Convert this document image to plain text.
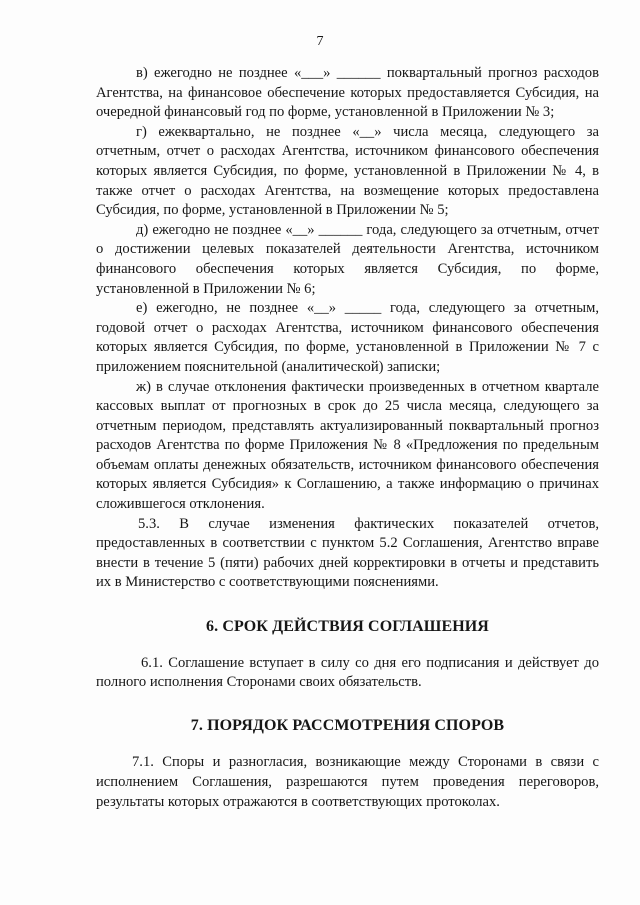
7

в) ежегодно не позднее «___» ______ поквартальный прогноз расходов Агентства, на финансовое обеспечение которых предоставляется Субсидия, на очередной финансовый год по форме, установленной в Приложении № 3;

г) ежеквартально, не позднее «__» числа месяца, следующего за отчетным, отчет о расходах Агентства, источником финансового обеспечения которых является Субсидия, по форме, установленной в Приложении № 4, в также отчет о расходах Агентства, на возмещение которых предоставлена Субсидия, по форме, установленной в Приложении № 5;

д) ежегодно не позднее «__» ______ года, следующего за отчетным, отчет о достижении целевых показателей деятельности Агентства, источником финансового обеспечения которых является Субсидия, по форме, установленной в Приложении № 6;

е) ежегодно, не позднее «__» _____ года, следующего за отчетным, годовой отчет о расходах Агентства, источником финансового обеспечения которых является Субсидия, по форме, установленной в Приложении № 7 с приложением пояснительной (аналитической) записки;

ж) в случае отклонения фактически произведенных в отчетном квартале кассовых выплат от прогнозных в срок до 25 числа месяца, следующего за отчетным периодом, представлять актуализированный поквартальный прогноз расходов Агентства по форме Приложения № 8 «Предложения по предельным объемам оплаты денежных обязательств, источником финансового обеспечения которых является Субсидия» к Соглашению, а также информацию о причинах сложившегося отклонения.

5.3. В случае изменения фактических показателей отчетов, предоставленных в соответствии с пунктом 5.2 Соглашения, Агентство вправе внести в течение 5 (пяти) рабочих дней корректировки в отчеты и представить их в Министерство с соответствующими пояснениями.

6. СРОК ДЕЙСТВИЯ СОГЛАШЕНИЯ

6.1. Соглашение вступает в силу со дня его подписания и действует до полного исполнения Сторонами своих обязательств.

7. ПОРЯДОК РАССМОТРЕНИЯ СПОРОВ

7.1. Споры и разногласия, возникающие между Сторонами в связи с исполнением Соглашения, разрешаются путем проведения переговоров, результаты которых отражаются в соответствующих протоколах.
